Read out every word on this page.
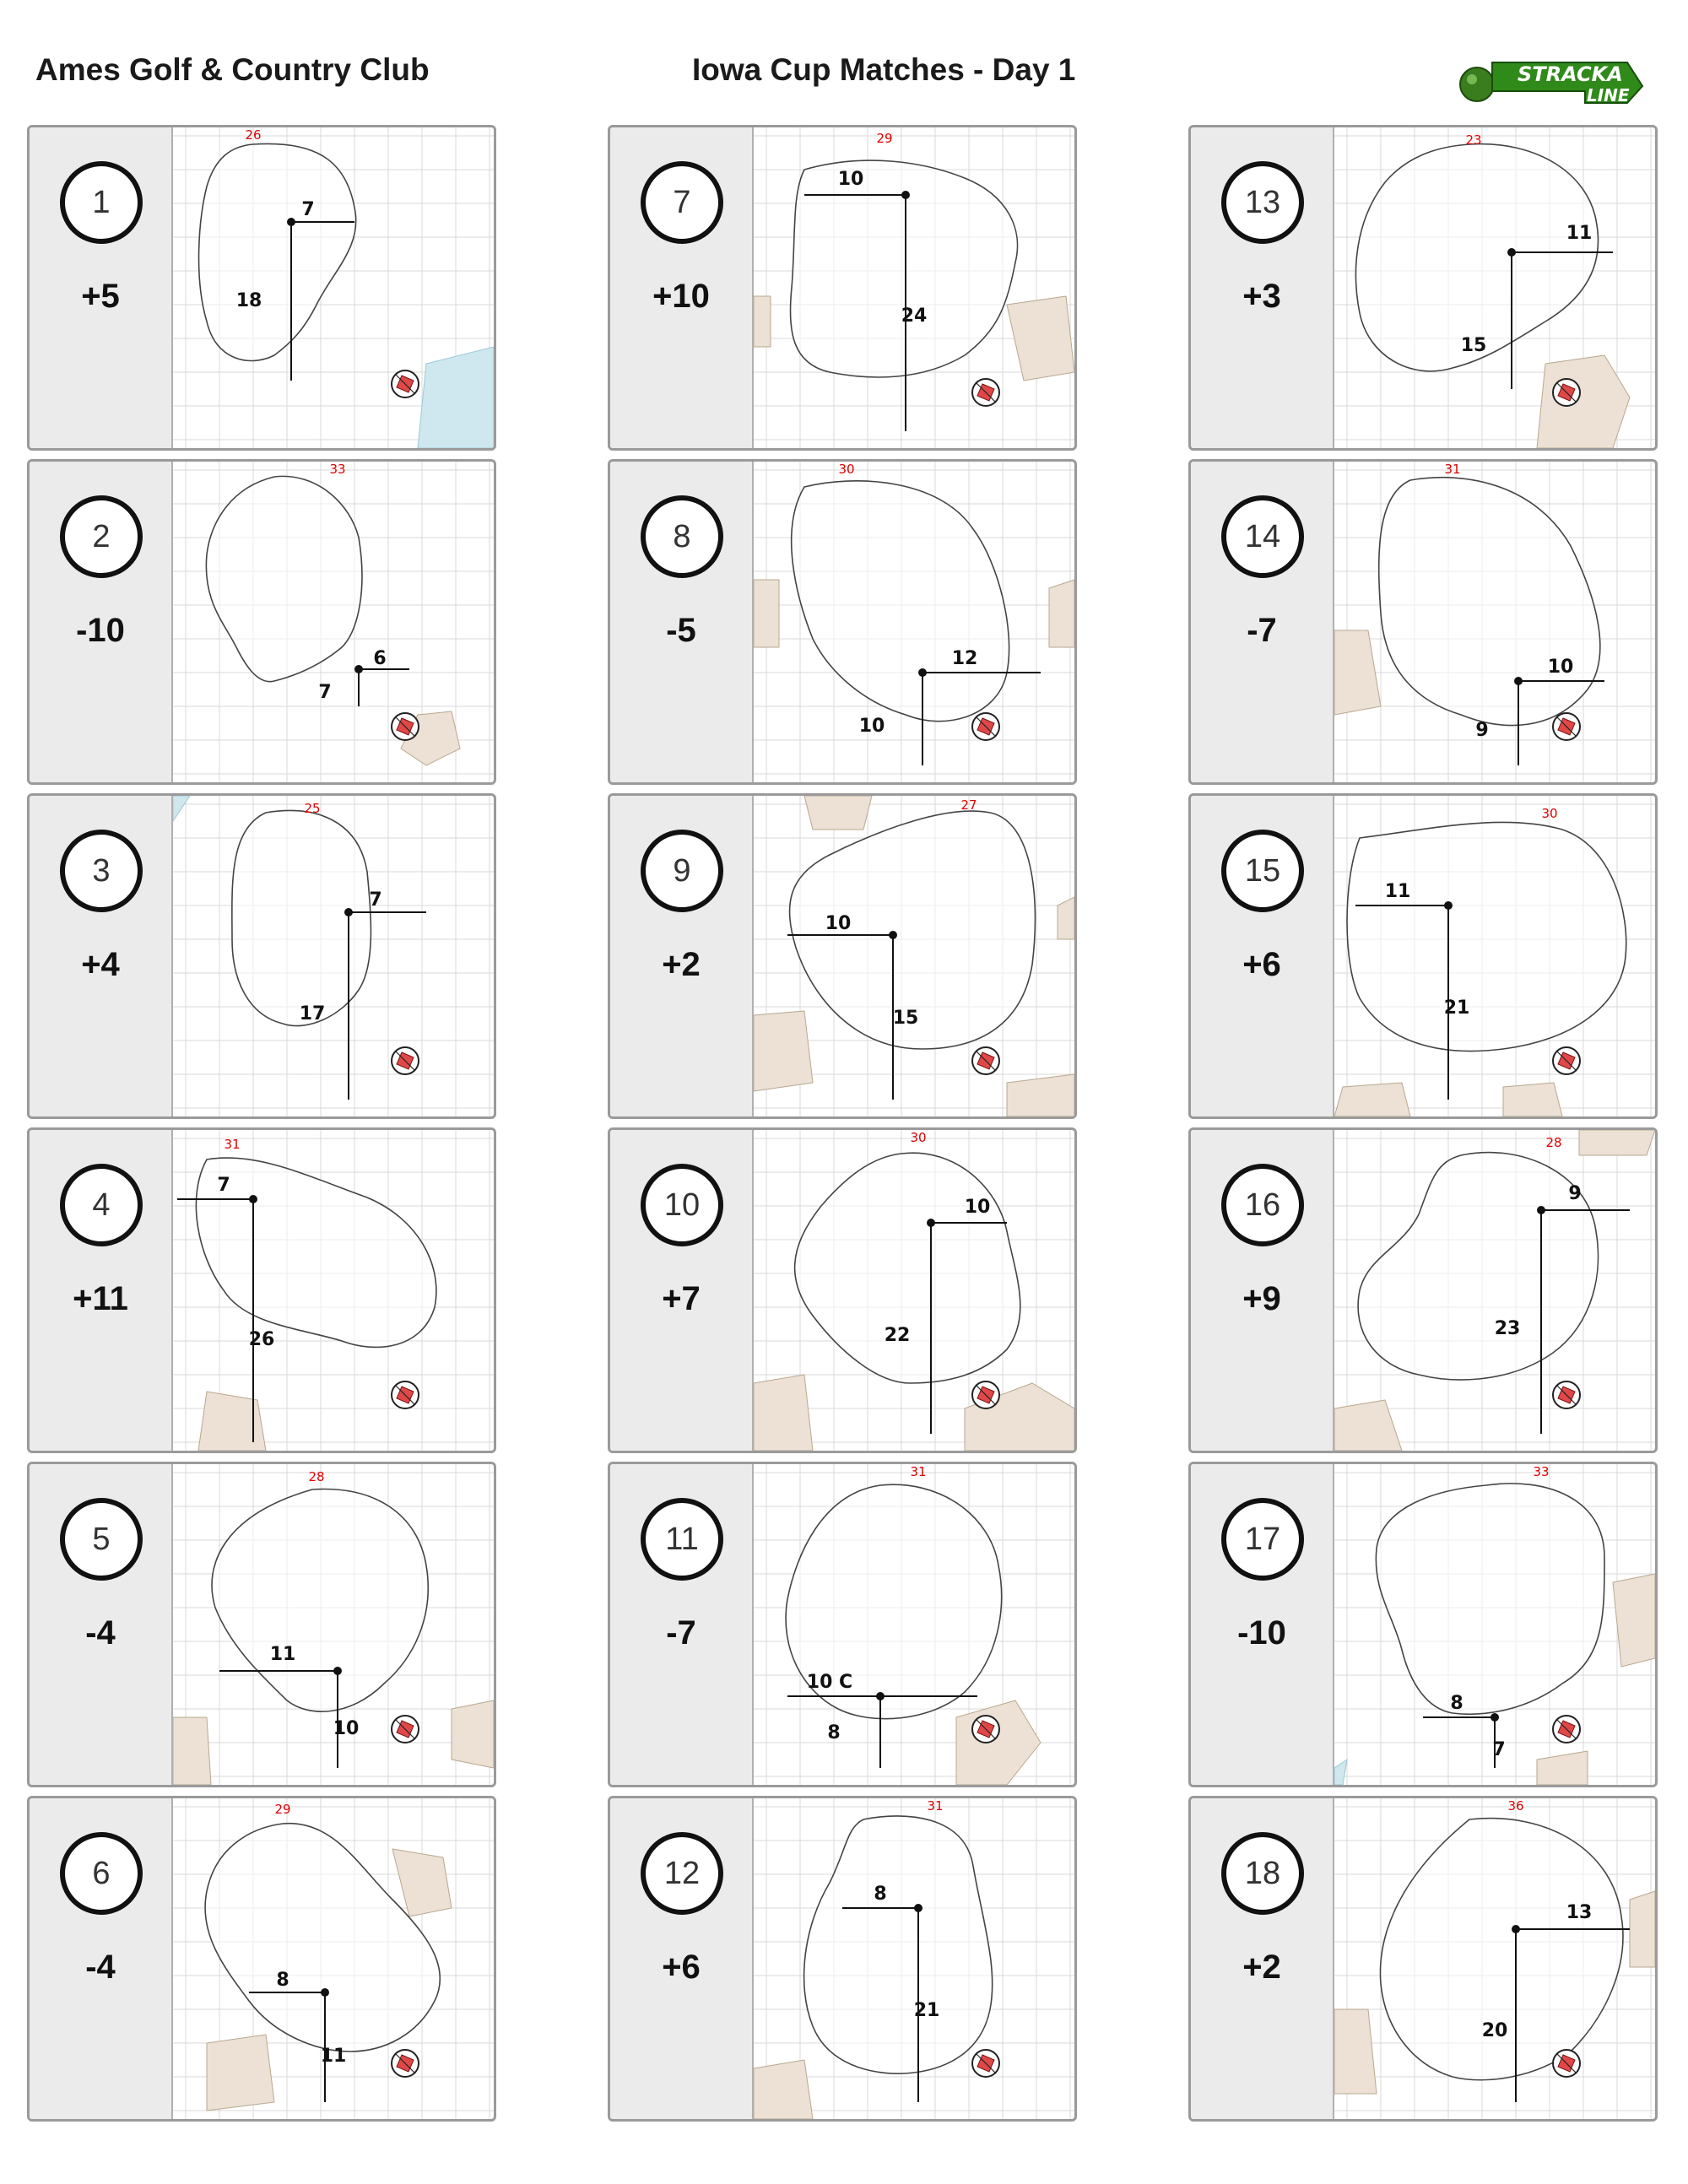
Ames Golf & Country Club	Iowa Cup Matches - Day 1	STRACKA
LINE
1
+5
26
7
18
2
-10
33
6
7
3
+4
25
7
17
4
+11
31
7
26
5
-4
28
11
10
6
-4
29
8
11
7
+10
29
10
24
8
-5
30
12
10
9
+2
27
10
15
10
+7
30
10
22
11
-7
31
10 C
8
12
+6
31
8
21
13
+3
23
11
15
14
-7
31
10
9
15
+6
30
11
21
16
+9
28
9
23
17
-10
33
8
7
18
+2
36
13
20
